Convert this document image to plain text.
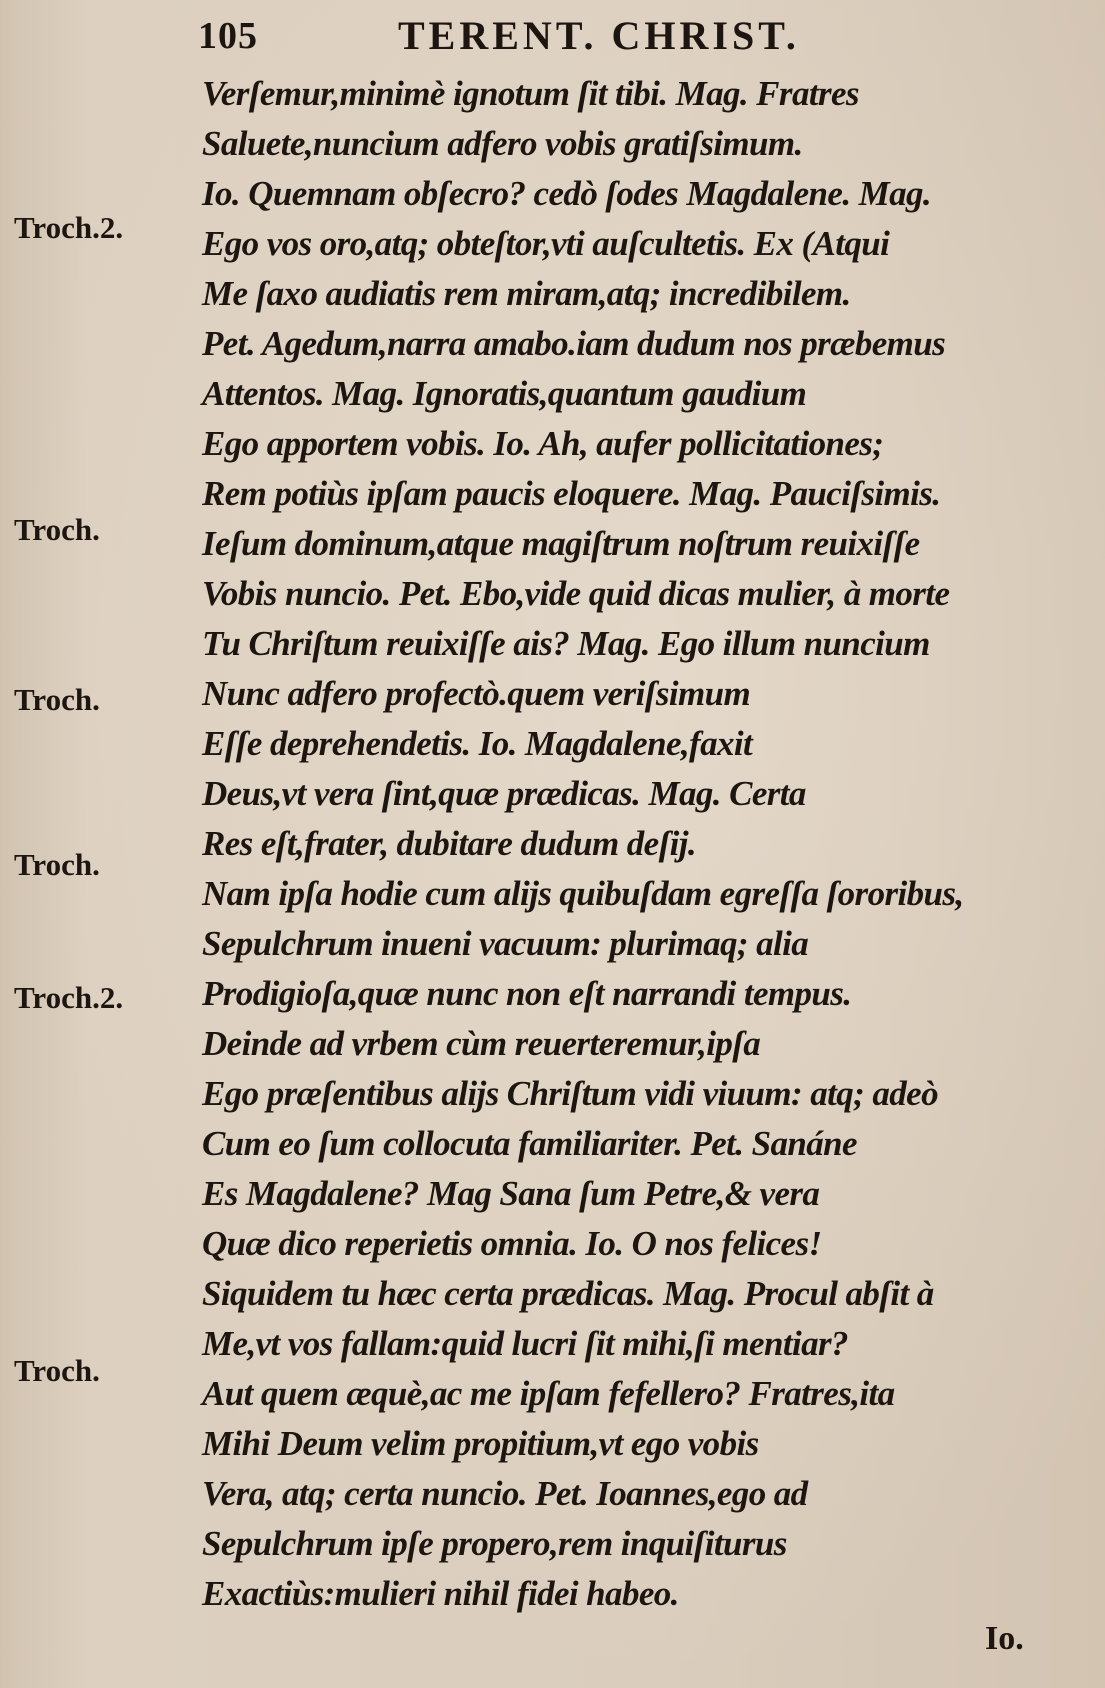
105	TERENT. CHRIST.
Troch.2.
Troch.
Troch.
Troch.
Troch.2.
Troch.
Verſemur,minimè ignotum ſit tibi. Mag. Fratres
Saluete,nuncium adfero vobis gratiſsimum.
Io. Quemnam obſecro? cedò ſodes Magdalene. Mag.
Ego vos oro,atq; obteſtor,vti auſcultetis. Ex (Atqui
Me ſaxo audiatis rem miram,atq; incredibilem.
Pet. Agedum,narra amabo.iam dudum nos præbemus
Attentos. Mag. Ignoratis,quantum gaudium
Ego apportem vobis. Io. Ah, aufer pollicitationes;
Rem potiùs ipſam paucis eloquere. Mag. Pauciſsimis.
Ieſum dominum,atque magiſtrum noſtrum reuixiſſe
Vobis nuncio. Pet. Ebo,vide quid dicas mulier, à morte
Tu Chriſtum reuixiſſe ais? Mag. Ego illum nuncium
Nunc adfero profectò.quem veriſsimum
Eſſe deprehendetis. Io. Magdalene,faxit
Deus,vt vera ſint,quæ prædicas. Mag. Certa
Res eſt,frater, dubitare dudum deſij.
Nam ipſa hodie cum alijs quibuſdam egreſſa ſororibus,
Sepulchrum inueni vacuum: plurimaq; alia
Prodigioſa,quæ nunc non eſt narrandi tempus.
Deinde ad vrbem cùm reuerteremur,ipſa
Ego præſentibus alijs Chriſtum vidi viuum: atq; adeò
Cum eo ſum collocuta familiariter. Pet. Sanáne
Es Magdalene? Mag Sana ſum Petre,& vera
Quæ dico reperietis omnia. Io. O nos felices!
Siquidem tu hæc certa prædicas. Mag. Procul abſit à
Me,vt vos fallam:quid lucri ſit mihi,ſi mentiar?
Aut quem æquè,ac me ipſam fefellero? Fratres,ita
Mihi Deum velim propitium,vt ego vobis
Vera, atq; certa nuncio. Pet. Ioannes,ego ad
Sepulchrum ipſe propero,rem inquiſiturus
Exactiùs:mulieri nihil fidei habeo.
Io.
